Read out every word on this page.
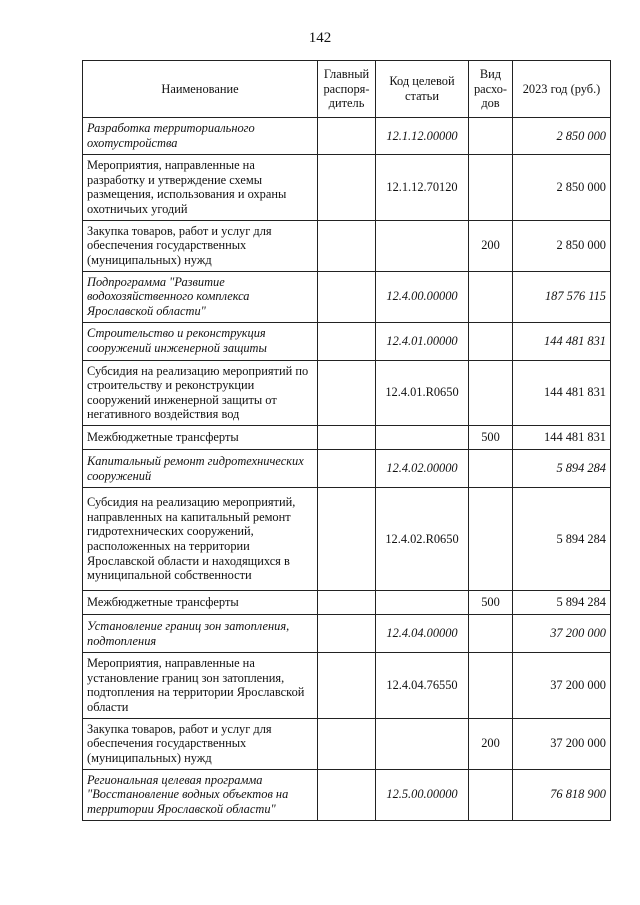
142
Наименование	Главный распоря-дитель	Код целевой статьи	Вид расхо-дов	2023 год (руб.)
Разработка территориального охотустройства		12.1.12.00000		2 850 000
Мероприятия, направленные на разработку и утверждение схемы размещения, использования и охраны охотничьих угодий		12.1.12.70120		2 850 000
Закупка товаров, работ и услуг для обеспечения государственных (муниципальных) нужд			200	2 850 000
Подпрограмма "Развитие водохозяйственного комплекса Ярославской области"		12.4.00.00000		187 576 115
Строительство и реконструкция сооружений инженерной защиты		12.4.01.00000		144 481 831
Субсидия на реализацию мероприятий по строительству и реконструкции сооружений инженерной защиты от негативного воздействия вод		12.4.01.R0650		144 481 831
Межбюджетные трансферты			500	144 481 831
Капитальный ремонт гидротехнических сооружений		12.4.02.00000		5 894 284
Субсидия на реализацию мероприятий, направленных на капитальный ремонт гидротехнических сооружений, расположенных на территории Ярославской области и находящихся в муниципальной собственности		12.4.02.R0650		5 894 284
Межбюджетные трансферты			500	5 894 284
Установление границ зон затопления, подтопления		12.4.04.00000		37 200 000
Мероприятия, направленные на установление границ зон затопления, подтопления на территории Ярославской области		12.4.04.76550		37 200 000
Закупка товаров, работ и услуг для обеспечения государственных (муниципальных) нужд			200	37 200 000
Региональная целевая программа "Восстановление водных объектов на территории Ярославской области"		12.5.00.00000		76 818 900
